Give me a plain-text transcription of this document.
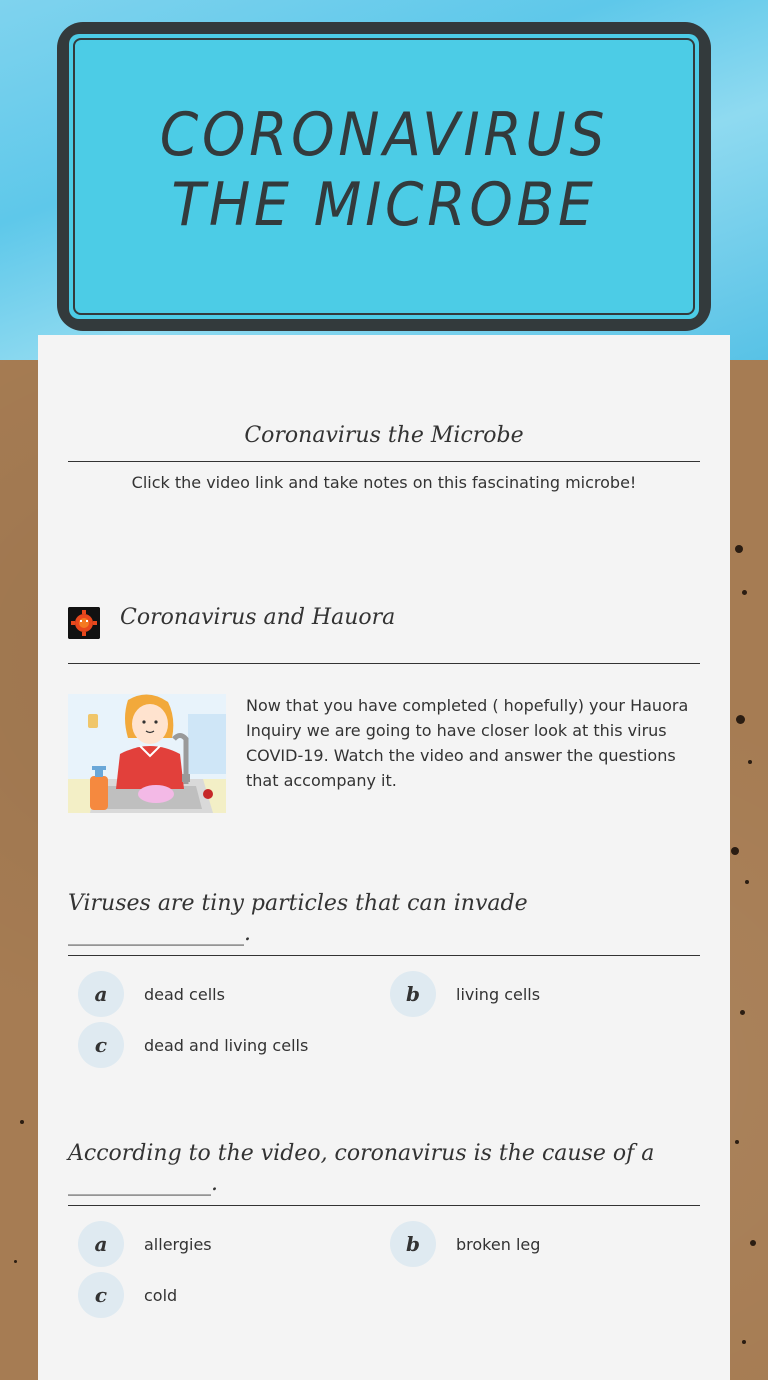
CORONAVIRUS THE MICROBE
Coronavirus the Microbe
Click the video link and take notes on this fascinating microbe!
Coronavirus and Hauora
Now that you have completed ( hopefully) your Hauora Inquiry we are going to have closer look at this virus COVID-19. Watch the video and answer the questions that accompany it.
Viruses are tiny particles that can invade ________________.
a	dead cells	b	living cells
c	dead and living cells
According to the video, coronavirus is the cause of a _____________.
a	allergies	b	broken leg
c	cold
